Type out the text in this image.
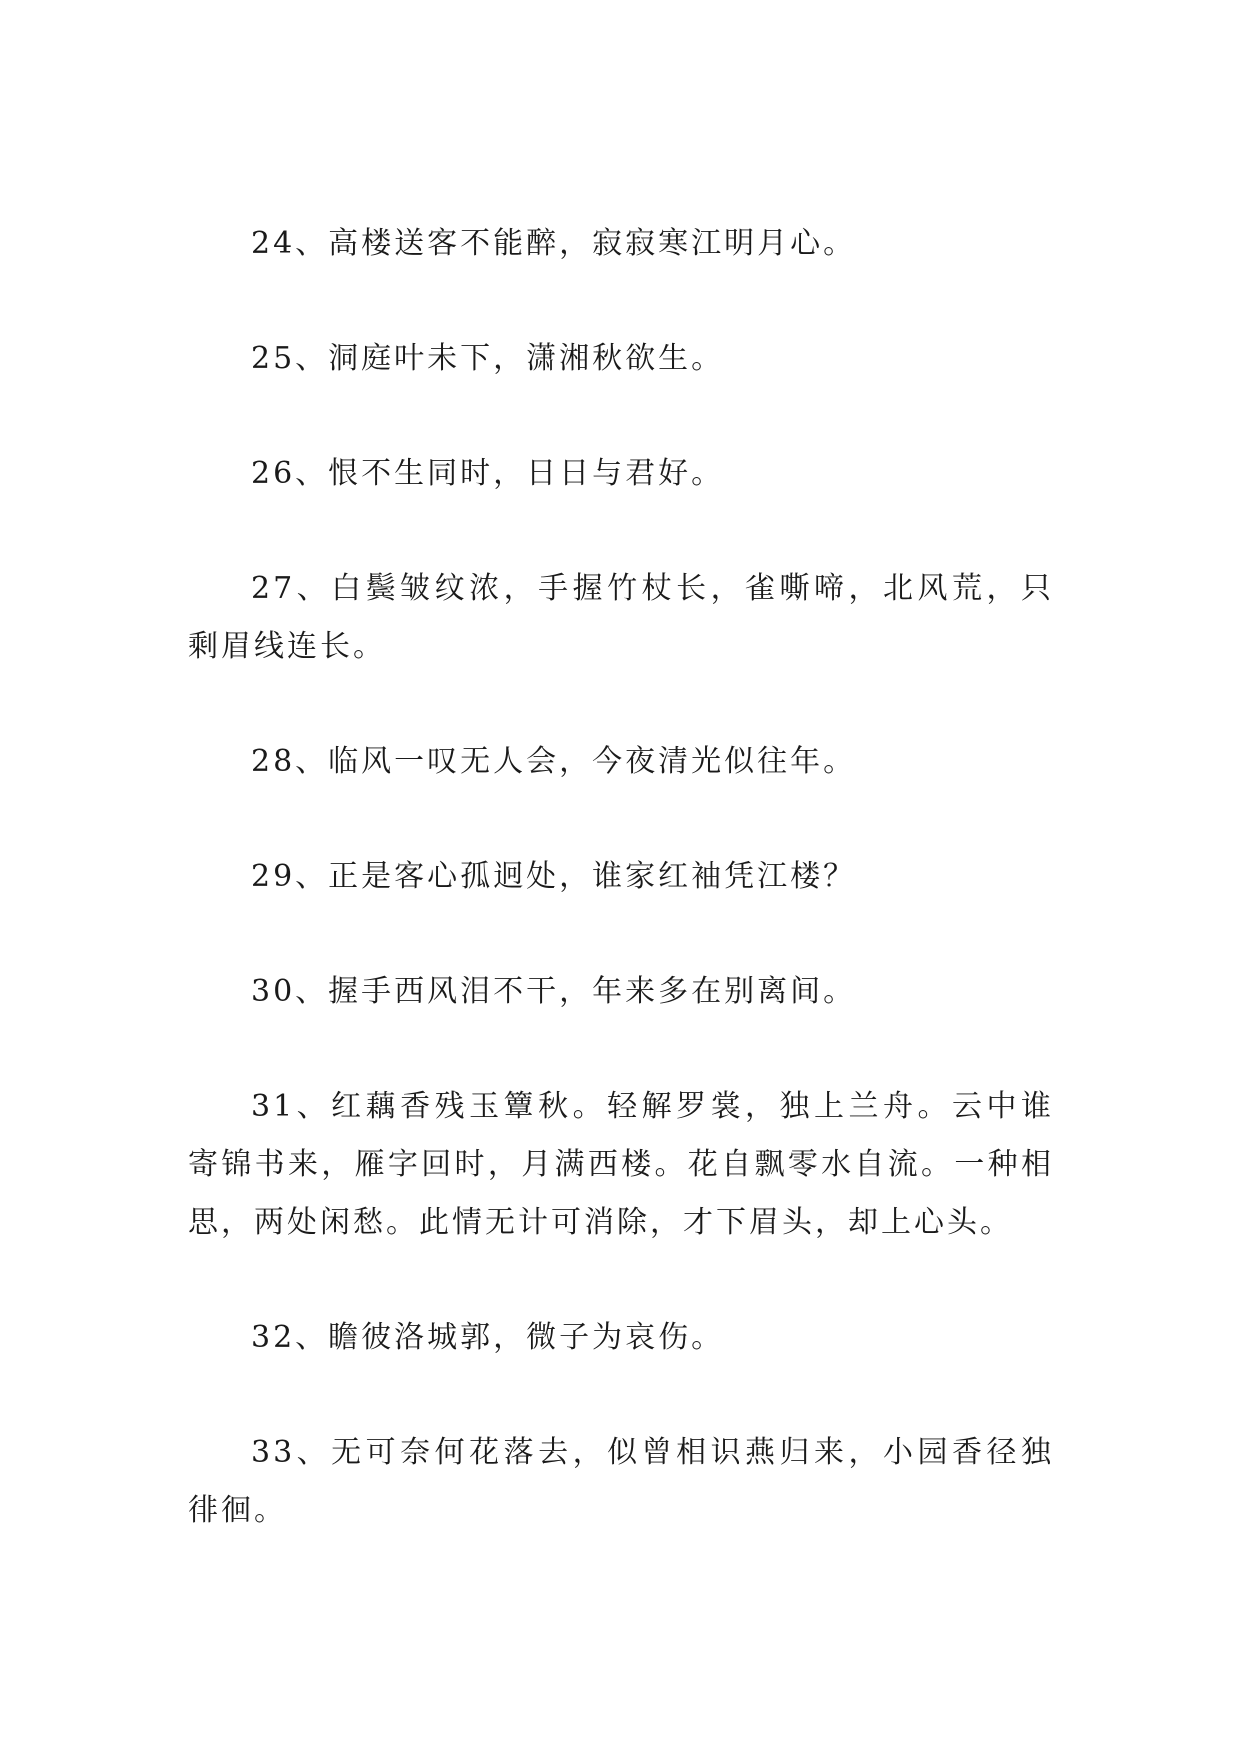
24、高楼送客不能醉，寂寂寒江明月心。

25、洞庭叶未下，潇湘秋欲生。

26、恨不生同时，日日与君好。

27、白鬓皱纹浓，手握竹杖长，雀嘶啼，北风荒，只剩眉线连长。

28、临风一叹无人会，今夜清光似往年。

29、正是客心孤迥处，谁家红袖凭江楼？

30、握手西风泪不干，年来多在别离间。

31、红藕香残玉簟秋。轻解罗裳，独上兰舟。云中谁寄锦书来，雁字回时，月满西楼。花自飘零水自流。一种相思，两处闲愁。此情无计可消除，才下眉头，却上心头。

32、瞻彼洛城郭，微子为哀伤。

33、无可奈何花落去，似曾相识燕归来，小园香径独徘徊。
